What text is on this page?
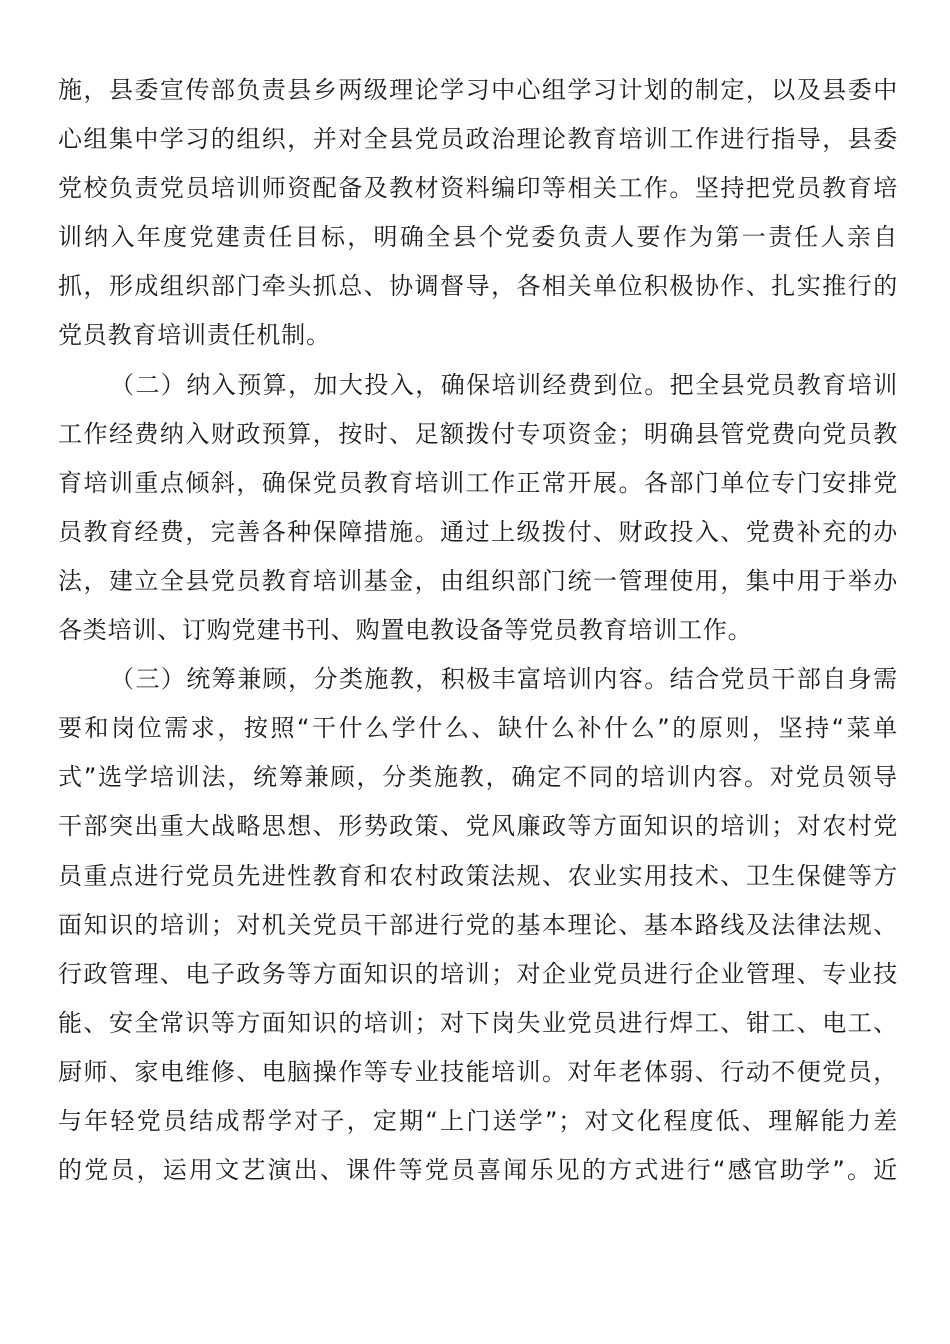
施，县委宣传部负责县乡两级理论学习中心组学习计划的制定，以及县委中
心组集中学习的组织，并对全县党员政治理论教育培训工作进行指导，县委
党校负责党员培训师资配备及教材资料编印等相关工作。坚持把党员教育培
训纳入年度党建责任目标，明确全县个党委负责人要作为第一责任人亲自
抓，形成组织部门牵头抓总、协调督导，各相关单位积极协作、扎实推行的
党员教育培训责任机制。
（二）纳入预算，加大投入，确保培训经费到位。把全县党员教育培训
工作经费纳入财政预算，按时、足额拨付专项资金；明确县管党费向党员教
育培训重点倾斜，确保党员教育培训工作正常开展。各部门单位专门安排党
员教育经费，完善各种保障措施。通过上级拨付、财政投入、党费补充的办
法，建立全县党员教育培训基金，由组织部门统一管理使用，集中用于举办
各类培训、订购党建书刊、购置电教设备等党员教育培训工作。
（三）统筹兼顾，分类施教，积极丰富培训内容。结合党员干部自身需
要和岗位需求，按照“干什么学什么、缺什么补什么”的原则，坚持“菜单
式”选学培训法，统筹兼顾，分类施教，确定不同的培训内容。对党员领导
干部突出重大战略思想、形势政策、党风廉政等方面知识的培训；对农村党
员重点进行党员先进性教育和农村政策法规、农业实用技术、卫生保健等方
面知识的培训；对机关党员干部进行党的基本理论、基本路线及法律法规、
行政管理、电子政务等方面知识的培训；对企业党员进行企业管理、专业技
能、安全常识等方面知识的培训；对下岗失业党员进行焊工、钳工、电工、
厨师、家电维修、电脑操作等专业技能培训。对年老体弱、行动不便党员，
与年轻党员结成帮学对子，定期“上门送学”；对文化程度低、理解能力差
的党员，运用文艺演出、课件等党员喜闻乐见的方式进行“感官助学”。近
